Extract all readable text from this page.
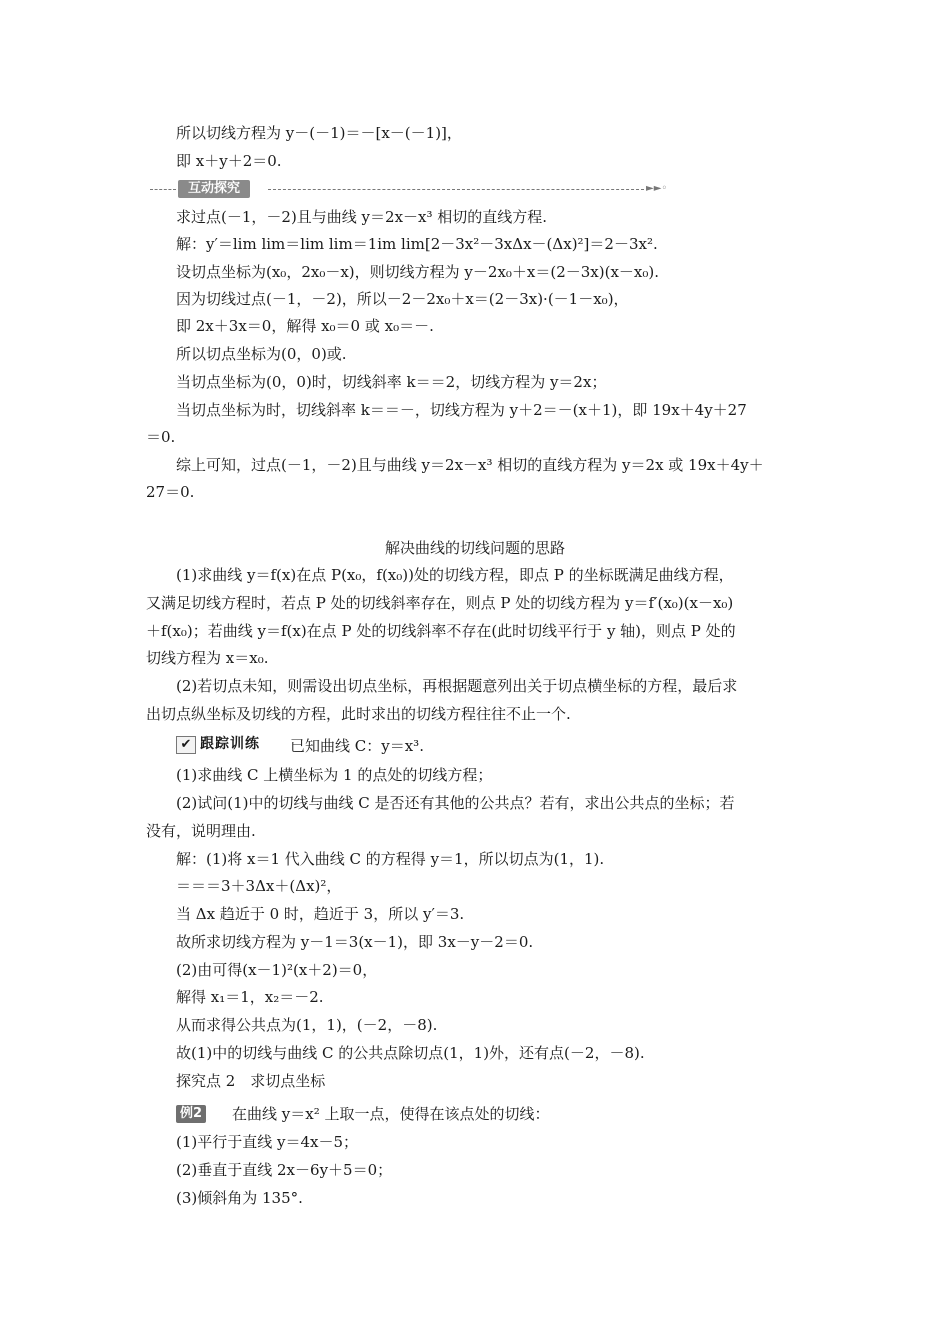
所以切线方程为 y－(－1)＝－[x－(－1)]，
即 x＋y＋2＝0.
互动探究	►►◦
求过点(－1，－2)且与曲线 y＝2x－x³ 相切的直线方程.
解：y′＝lim lim＝lim lim＝1im lim[2－3x²－3xΔx－(Δx)²]＝2－3x².
设切点坐标为(x₀，2x₀－x)，则切线方程为 y－2x₀＋x＝(2－3x)(x－x₀).
因为切线过点(－1，－2)，所以－2－2x₀＋x＝(2－3x)·(－1－x₀)，
即 2x＋3x＝0，解得 x₀＝0 或 x₀＝－.
所以切点坐标为(0，0)或.
当切点坐标为(0，0)时，切线斜率 k＝＝2，切线方程为 y＝2x；
当切点坐标为时，切线斜率 k＝＝－，切线方程为 y＋2＝－(x＋1)，即 19x＋4y＋27
＝0.
综上可知，过点(－1，－2)且与曲线 y＝2x－x³ 相切的直线方程为 y＝2x 或 19x＋4y＋
27＝0.
解决曲线的切线问题的思路
(1)求曲线 y＝f(x)在点 P(x₀，f(x₀))处的切线方程，即点 P 的坐标既满足曲线方程，
又满足切线方程时，若点 P 处的切线斜率存在，则点 P 处的切线方程为 y＝f′(x₀)(x－x₀)
＋f(x₀)；若曲线 y＝f(x)在点 P 处的切线斜率不存在(此时切线平行于 y 轴)，则点 P 处的
切线方程为 x＝x₀.
(2)若切点未知，则需设出切点坐标，再根据题意列出关于切点横坐标的方程，最后求
出切点纵坐标及切线的方程，此时求出的切线方程往往不止一个.
✔ 跟踪训练 已知曲线 C：y＝x³.
(1)求曲线 C 上横坐标为 1 的点处的切线方程；
(2)试问(1)中的切线与曲线 C 是否还有其他的公共点？若有，求出公共点的坐标；若
没有，说明理由.
解：(1)将 x＝1 代入曲线 C 的方程得 y＝1，所以切点为(1，1).
＝＝＝3＋3Δx＋(Δx)²，
当 Δx 趋近于 0 时，趋近于 3，所以 y′＝3.
故所求切线方程为 y－1＝3(x－1)，即 3x－y－2＝0.
(2)由可得(x－1)²(x＋2)＝0，
解得 x₁＝1，x₂＝－2.
从而求得公共点为(1，1)，(－2，－8).
故(1)中的切线与曲线 C 的公共点除切点(1，1)外，还有点(－2，－8).
探究点 2　求切点坐标
例2 在曲线 y＝x² 上取一点，使得在该点处的切线：
(1)平行于直线 y＝4x－5；
(2)垂直于直线 2x－6y＋5＝0；
(3)倾斜角为 135°.
